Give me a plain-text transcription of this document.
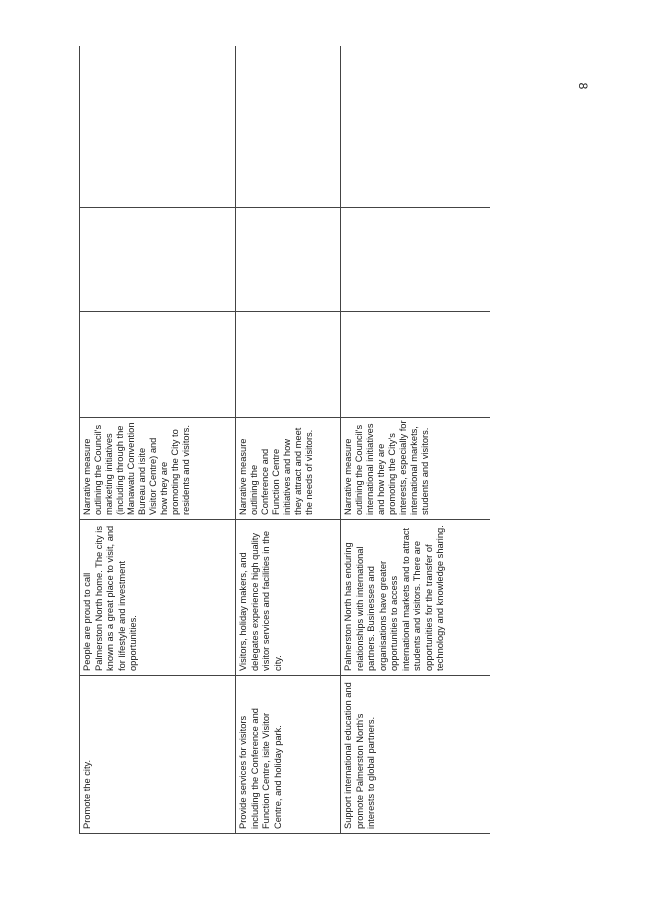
8
Promote the city.	People are proud to call Palmerston North home. The city is known as a great place to visit, and for lifestyle and investment opportunities.	Narrative measure outlining the Council's marketing initiatives (including through the Manawatu Convention Bureau and isite Visitor Centre) and how they are promoting the City to residents and visitors.			
Provide services for visitors including the Conference and Function Centre, isite Visitor Centre, and holiday park.	Visitors, holiday makers, and delegates experience high quality visitor services and facilities in the city.	Narrative measure outlining the Conference and Function Centre initiatives and how they attract and meet the needs of visitors.			
Support international education and promote Palmerston North's interests to global partners.	Palmerston North has enduring relationships with international partners. Businesses and organisations have greater opportunities to access international markets and to attract students and visitors. There are opportunities for the transfer of technology and knowledge sharing.	Narrative measure outlining the Council's international initiatives and how they are promoting the City's interests, especially for international markets, students and visitors.			
